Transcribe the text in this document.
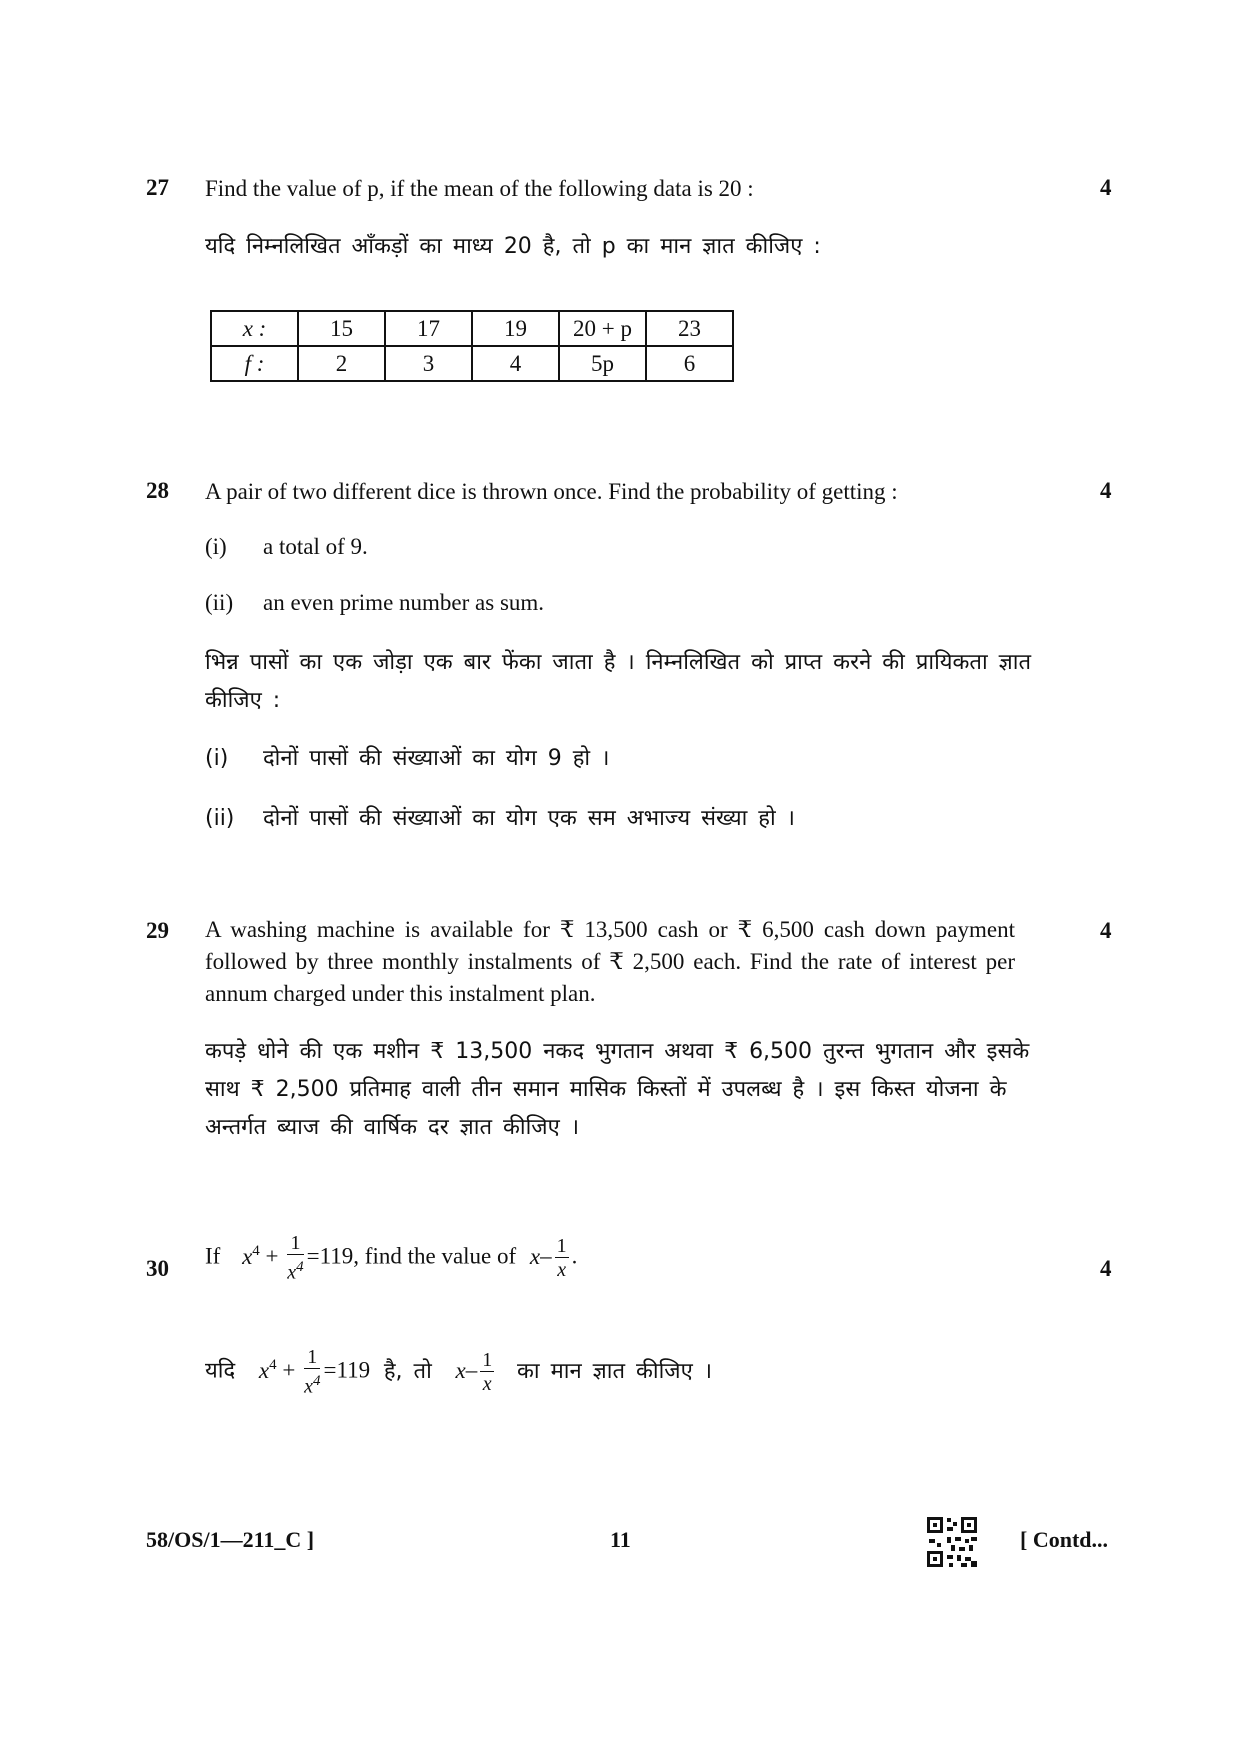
27 Find the value of p, if the mean of the following data is 20 :	4
यदि निम्नलिखित आँकड़ों का माध्य 20 है, तो p का मान ज्ञात कीजिए :
x :	15	17	19	20 + p	23
f :	2	3	4	5p	6
28 A pair of two different dice is thrown once. Find the probability of getting :	4
(i) a total of 9.
(ii) an even prime number as sum.
भिन्न पासों का एक जोड़ा एक बार फेंका जाता है । निम्नलिखित को प्राप्त करने की प्रायिकता ज्ञात कीजिए :
(i) दोनों पासों की संख्याओं का योग 9 हो ।
(ii) दोनों पासों की संख्याओं का योग एक सम अभाज्य संख्या हो ।
29 A washing machine is available for ₹ 13,500 cash or ₹ 6,500 cash down payment followed by three monthly instalments of ₹ 2,500 each. Find the rate of interest per annum charged under this instalment plan.
4
कपड़े धोने की एक मशीन ₹ 13,500 नकद भुगतान अथवा ₹ 6,500 तुरन्त भुगतान और इसके साथ ₹ 2,500 प्रतिमाह वाली तीन समान मासिक किस्तों में उपलब्ध है । इस किस्त योजना के अन्तर्गत ब्याज की वार्षिक दर ज्ञात कीजिए ।
30	4
If $x^4 + \frac{1}{x^4} =119$, find the value of $x- \frac{1}{x}$ .
यदि $x^4 + \frac{1}{x^4} =119$ है, तो $x- \frac{1}{x}$ का मान ज्ञात कीजिए ।
58/OS/1—211_C ]	11	[ Contd...
